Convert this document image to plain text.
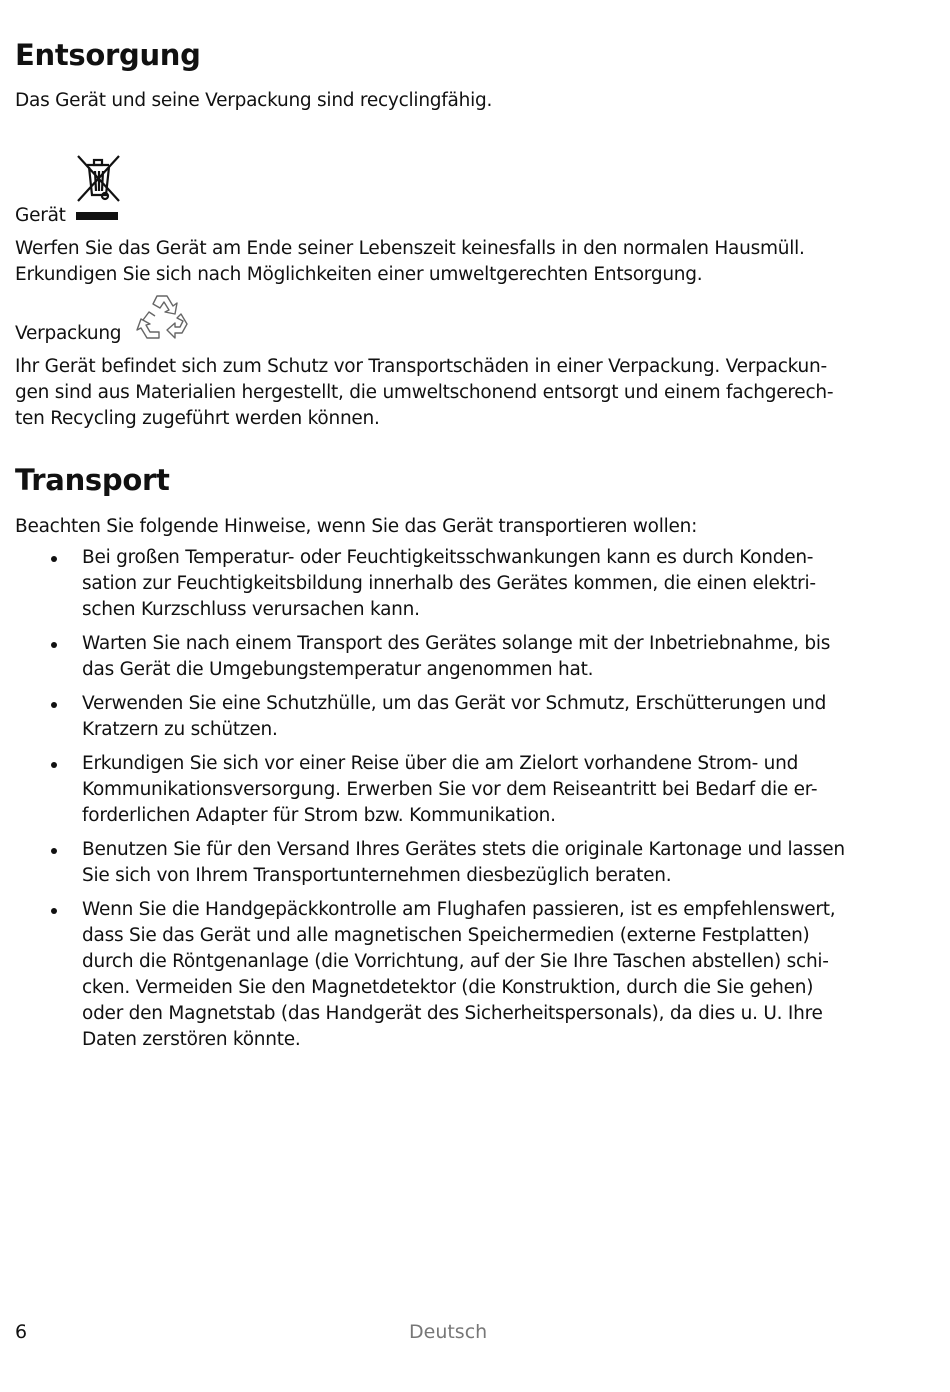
Entsorgung
Das Gerät und seine Verpackung sind recyclingfähig.
Gerät
Werfen Sie das Gerät am Ende seiner Lebenszeit keinesfalls in den normalen Hausmüll.
Erkundigen Sie sich nach Möglichkeiten einer umweltgerechten Entsorgung.
Verpackung
Ihr Gerät befindet sich zum Schutz vor Transportschäden in einer Verpackung. Verpackun-
gen sind aus Materialien hergestellt, die umweltschonend entsorgt und einem fachgerech-
ten Recycling zugeführt werden können.
Transport
Beachten Sie folgende Hinweise, wenn Sie das Gerät transportieren wollen:
Bei großen Temperatur- oder Feuchtigkeitsschwankungen kann es durch Konden-
sation zur Feuchtigkeitsbildung innerhalb des Gerätes kommen, die einen elektri-
schen Kurzschluss verursachen kann.
Warten Sie nach einem Transport des Gerätes solange mit der Inbetriebnahme, bis
das Gerät die Umgebungstemperatur angenommen hat.
Verwenden Sie eine Schutzhülle, um das Gerät vor Schmutz, Erschütterungen und
Kratzern zu schützen.
Erkundigen Sie sich vor einer Reise über die am Zielort vorhandene Strom- und
Kommunikationsversorgung. Erwerben Sie vor dem Reiseantritt bei Bedarf die er-
forderlichen Adapter für Strom bzw. Kommunikation.
Benutzen Sie für den Versand Ihres Gerätes stets die originale Kartonage und lassen
Sie sich von Ihrem Transportunternehmen diesbezüglich beraten.
Wenn Sie die Handgepäckkontrolle am Flughafen passieren, ist es empfehlenswert,
dass Sie das Gerät und alle magnetischen Speichermedien (externe Festplatten)
durch die Röntgenanlage (die Vorrichtung, auf der Sie Ihre Taschen abstellen) schi-
cken. Vermeiden Sie den Magnetdetektor (die Konstruktion, durch die Sie gehen)
oder den Magnetstab (das Handgerät des Sicherheitspersonals), da dies u. U. Ihre
Daten zerstören könnte.
6	Deutsch
